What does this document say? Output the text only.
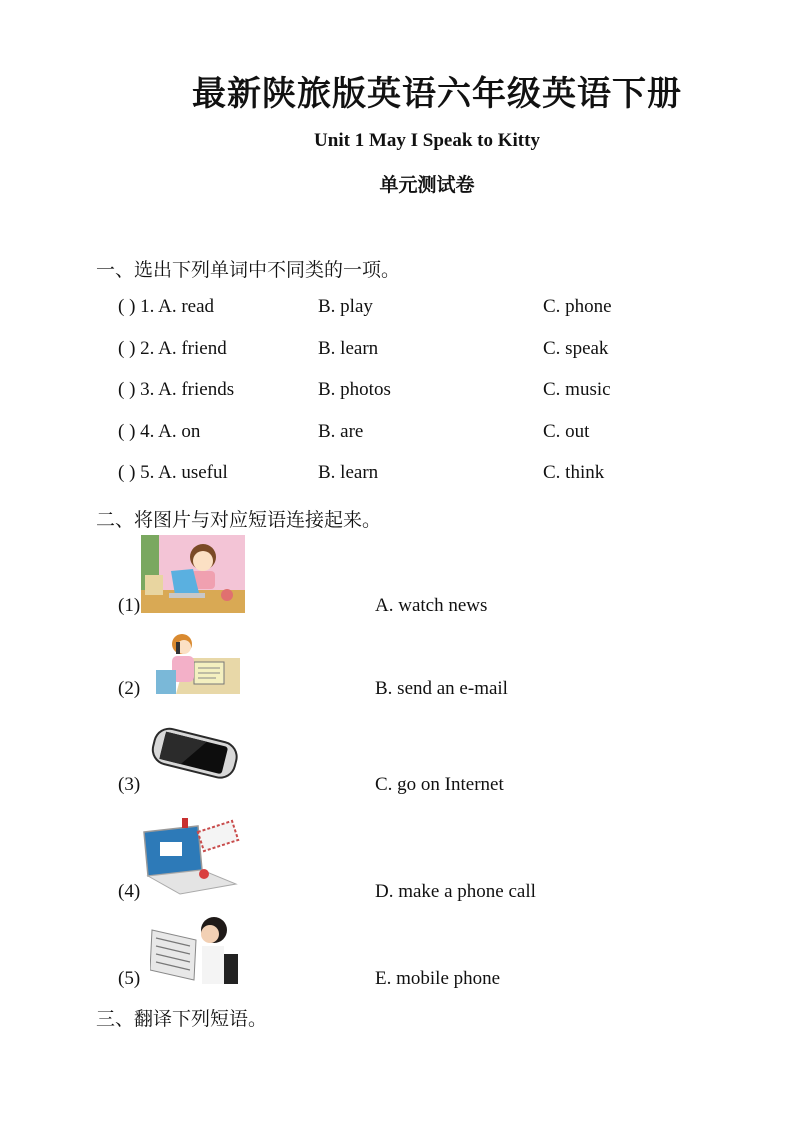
最新陕旅版英语六年级英语下册
Unit 1 May I Speak to Kitty
单元测试卷
一、选出下列单词中不同类的一项。
( ) 1. A. read	B. play	C. phone
( ) 2. A. friend	B. learn	C. speak
( ) 3. A. friends	B. photos	C. music
( ) 4. A. on	B. are	C. out
( ) 5. A. useful	B. learn	C. think
二、将图片与对应短语连接起来。
(1)	A. watch news
(2)	B. send an e-mail
(3)	C. go on Internet
(4)	D. make a phone call
(5)	E. mobile phone
三、翻译下列短语。
